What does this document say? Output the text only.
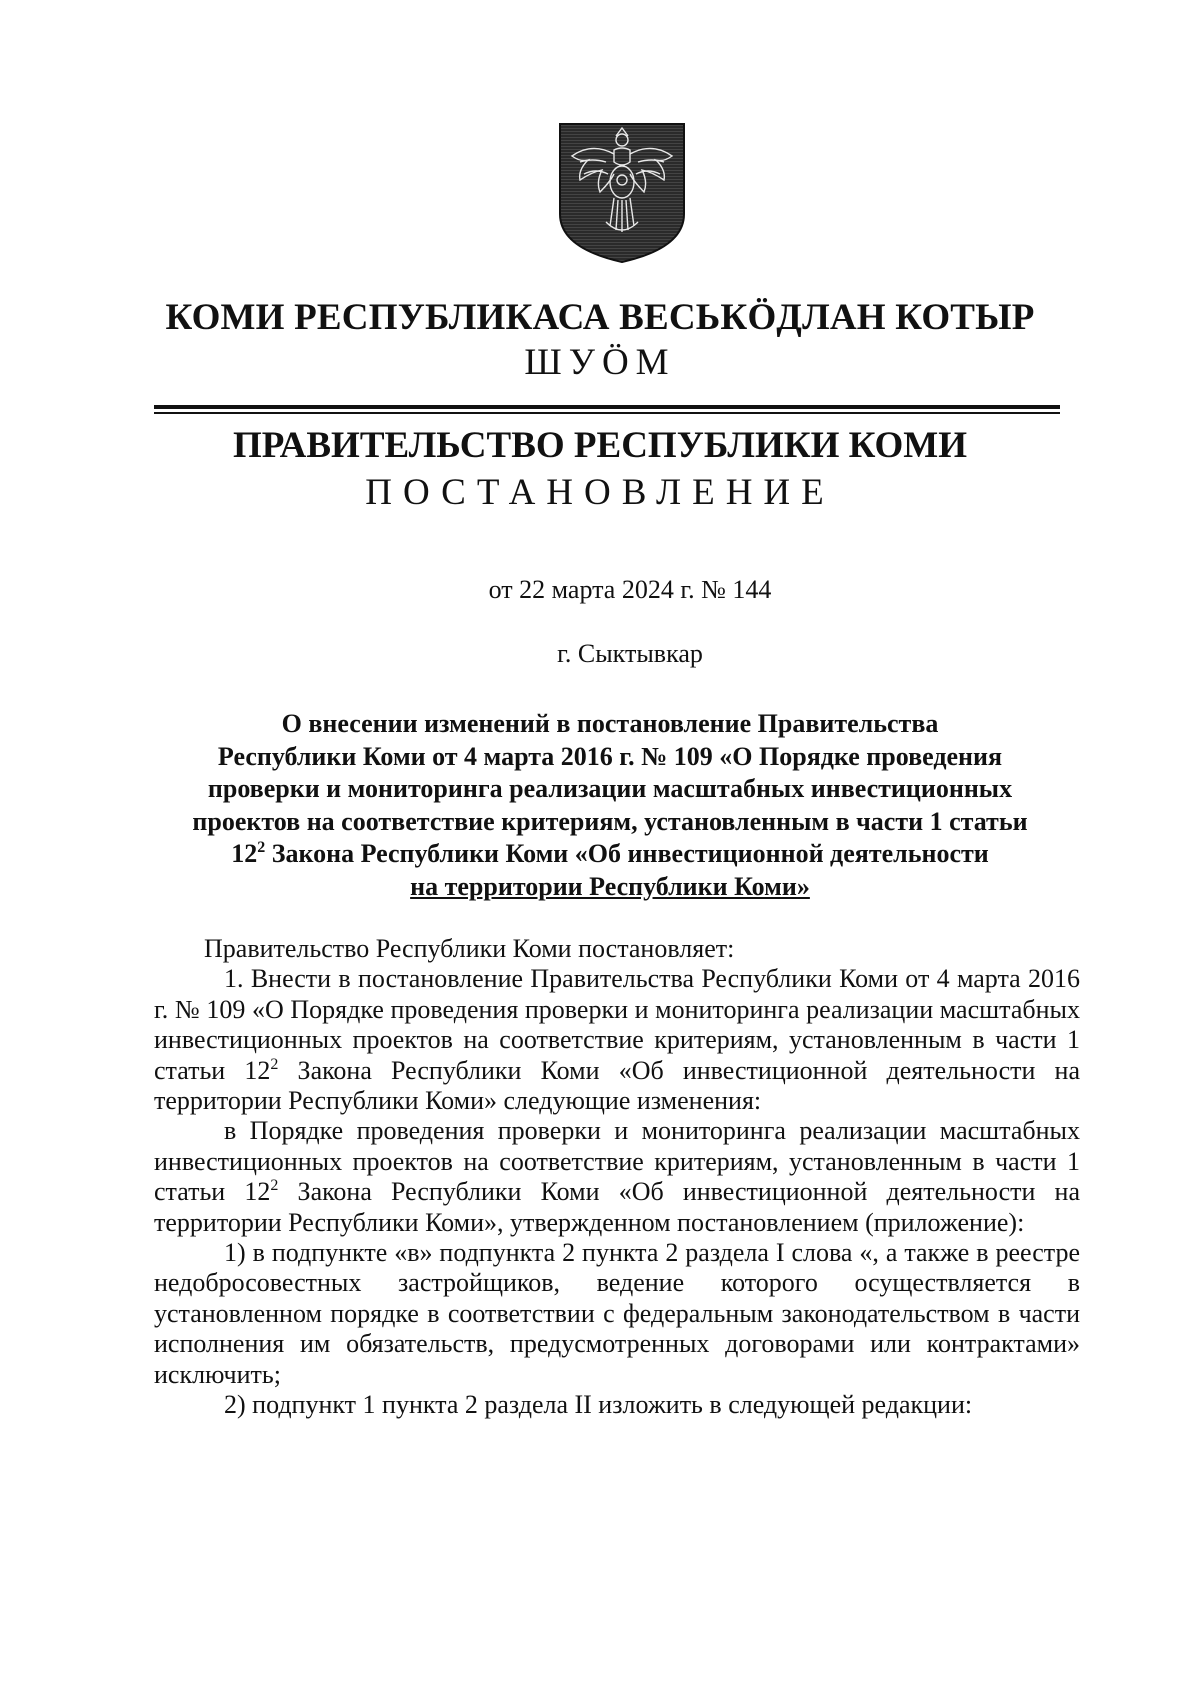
КОМИ РЕСПУБЛИКАСА ВЕСЬКӦДЛАН КОТЫР
ШУӦМ
ПРАВИТЕЛЬСТВО РЕСПУБЛИКИ КОМИ
ПОСТАНОВЛЕНИЕ
от 22 марта 2024 г. № 144
г. Сыктывкар
О внесении изменений в постановление Правительства
Республики Коми от 4 марта 2016 г. № 109 «О Порядке проведения
проверки и мониторинга реализации масштабных инвестиционных
проектов на соответствие критериям, установленным в части 1 статьи
$12^2$ Закона Республики Коми «Об инвестиционной деятельности
на территории Республики Коми»

Правительство Республики Коми постановляет:

1. Внести в постановление Правительства Республики Коми от 4 марта 2016 г. № 109 «О Порядке проведения проверки и мониторинга реализации масштабных инвестиционных проектов на соответствие критериям, установленным в части 1 статьи $12^2$ Закона Республики Коми «Об инвестиционной деятельности на территории Республики Коми» следующие изменения:

в Порядке проведения проверки и мониторинга реализации масштабных инвестиционных проектов на соответствие критериям, установленным в части 1 статьи $12^2$ Закона Республики Коми «Об инвестиционной деятельности на территории Республики Коми», утвержденном постановлением (приложение):

1) в подпункте «в» подпункта 2 пункта 2 раздела I слова «, а также в реестре недобросовестных застройщиков, ведение которого осуществляется в установленном порядке в соответствии с федеральным законодательством в части исполнения им обязательств, предусмотренных договорами или контрактами» исключить;

2) подпункт 1 пункта 2 раздела II изложить в следующей редакции:
